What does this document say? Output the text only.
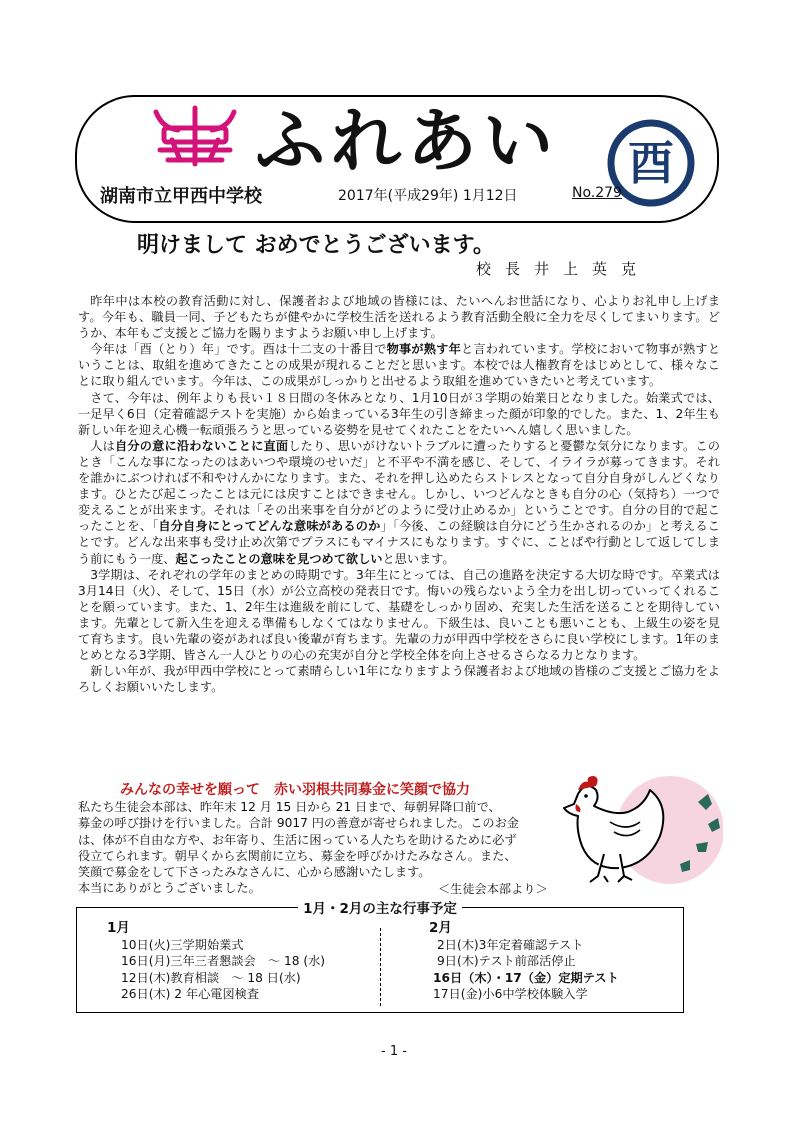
ふれあい 酉
湖南市立甲西中学校	2017年(平成29年) 1月12日	No.279
明けまして おめでとうございます。
校長井上英克

昨年中は本校の教育活動に対し、保護者および地域の皆様には、たいへんお世話になり、心よりお礼申し上げます。今年も、職員一同、子どもたちが健やかに学校生活を送れるよう教育活動全般に全力を尽くしてまいります。どうか、本年もご支援とご協力を賜りますようお願い申し上げます。

今年は「酉（とり）年」です。酉は十二支の十番目で物事が熟す年と言われています。学校において物事が熟すということは、取組を進めてきたことの成果が現れることだと思います。本校では人権教育をはじめとして、様々なことに取り組んでいます。今年は、この成果がしっかりと出せるよう取組を進めていきたいと考えています。

さて、今年は、例年よりも長い１８日間の冬休みとなり、1月10日が３学期の始業日となりました。始業式では、一足早く6日（定着確認テストを実施）から始まっている3年生の引き締まった顔が印象的でした。また、1、2年生も新しい年を迎え心機一転頑張ろうと思っている姿勢を見せてくれたことをたいへん嬉しく思いました。

人は自分の意に沿わないことに直面したり、思いがけないトラブルに遭ったりすると憂鬱な気分になります。このとき「こんな事になったのはあいつや環境のせいだ」と不平や不満を感じ、そして、イライラが募ってきます。それを誰かにぶつければ不和やけんかになります。また、それを押し込めたらストレスとなって自分自身がしんどくなります。ひとたび起こったことは元には戻すことはできません。しかし、いつどんなときも自分の心（気持ち）一つで変えることが出来ます。それは「その出来事を自分がどのように受け止めるか」ということです。自分の目的で起こったことを、「自分自身にとってどんな意味があるのか」「今後、この経験は自分にどう生かされるのか」と考えることです。どんな出来事も受け止め次第でプラスにもマイナスにもなります。すぐに、ことばや行動として返してしまう前にもう一度、起こったことの意味を見つめて欲しいと思います。

3学期は、それぞれの学年のまとめの時期です。3年生にとっては、自己の進路を決定する大切な時です。卒業式は3月14日（火）、そして、15日（水）が公立高校の発表日です。悔いの残らないよう全力を出し切っていってくれることを願っています。また、1、2年生は進級を前にして、基礎をしっかり固め、充実した生活を送ることを期待しています。先輩として新入生を迎える準備もしなくてはなりません。下級生は、良いことも悪いことも、上級生の姿を見て育ちます。良い先輩の姿があれば良い後輩が育ちます。先輩の力が甲西中学校をさらに良い学校にします。1年のまとめとなる3学期、皆さん一人ひとりの心の充実が自分と学校全体を向上させるさらなる力となります。

新しい年が、我が甲西中学校にとって素晴らしい1年になりますよう保護者および地域の皆様のご支援とご協力をよろしくお願いいたします。

みんなの幸せを願って　赤い羽根共同募金に笑顔で協力

私たち生徒会本部は、昨年末 12 月 15 日から 21 日まで、毎朝昇降口前で、

募金の呼び掛けを行いました。合計 9017 円の善意が寄せられました。このお金

は、体が不自由な方や、お年寄り、生活に困っている人たちを助けるために必ず

役立てられます。朝早くから玄関前に立ち、募金を呼びかけたみなさん。また、

笑顔で募金をして下さったみなさんに、心から感謝いたします。

本当にありがとうございました。	＜生徒会本部より＞
1月・2月の主な行事予定
1月
10日(火)三学期始業式
16日(月)三年三者懇談会　～ 18 (水)
12日(木)教育相談　～ 18 日(水)
26日(木) 2 年心電図検査
2月
2日(木)3年定着確認テスト
9日(木)テスト前部活停止
16日（木）・17（金）定期テスト
17日(金)小6中学校体験入学
- 1 -
